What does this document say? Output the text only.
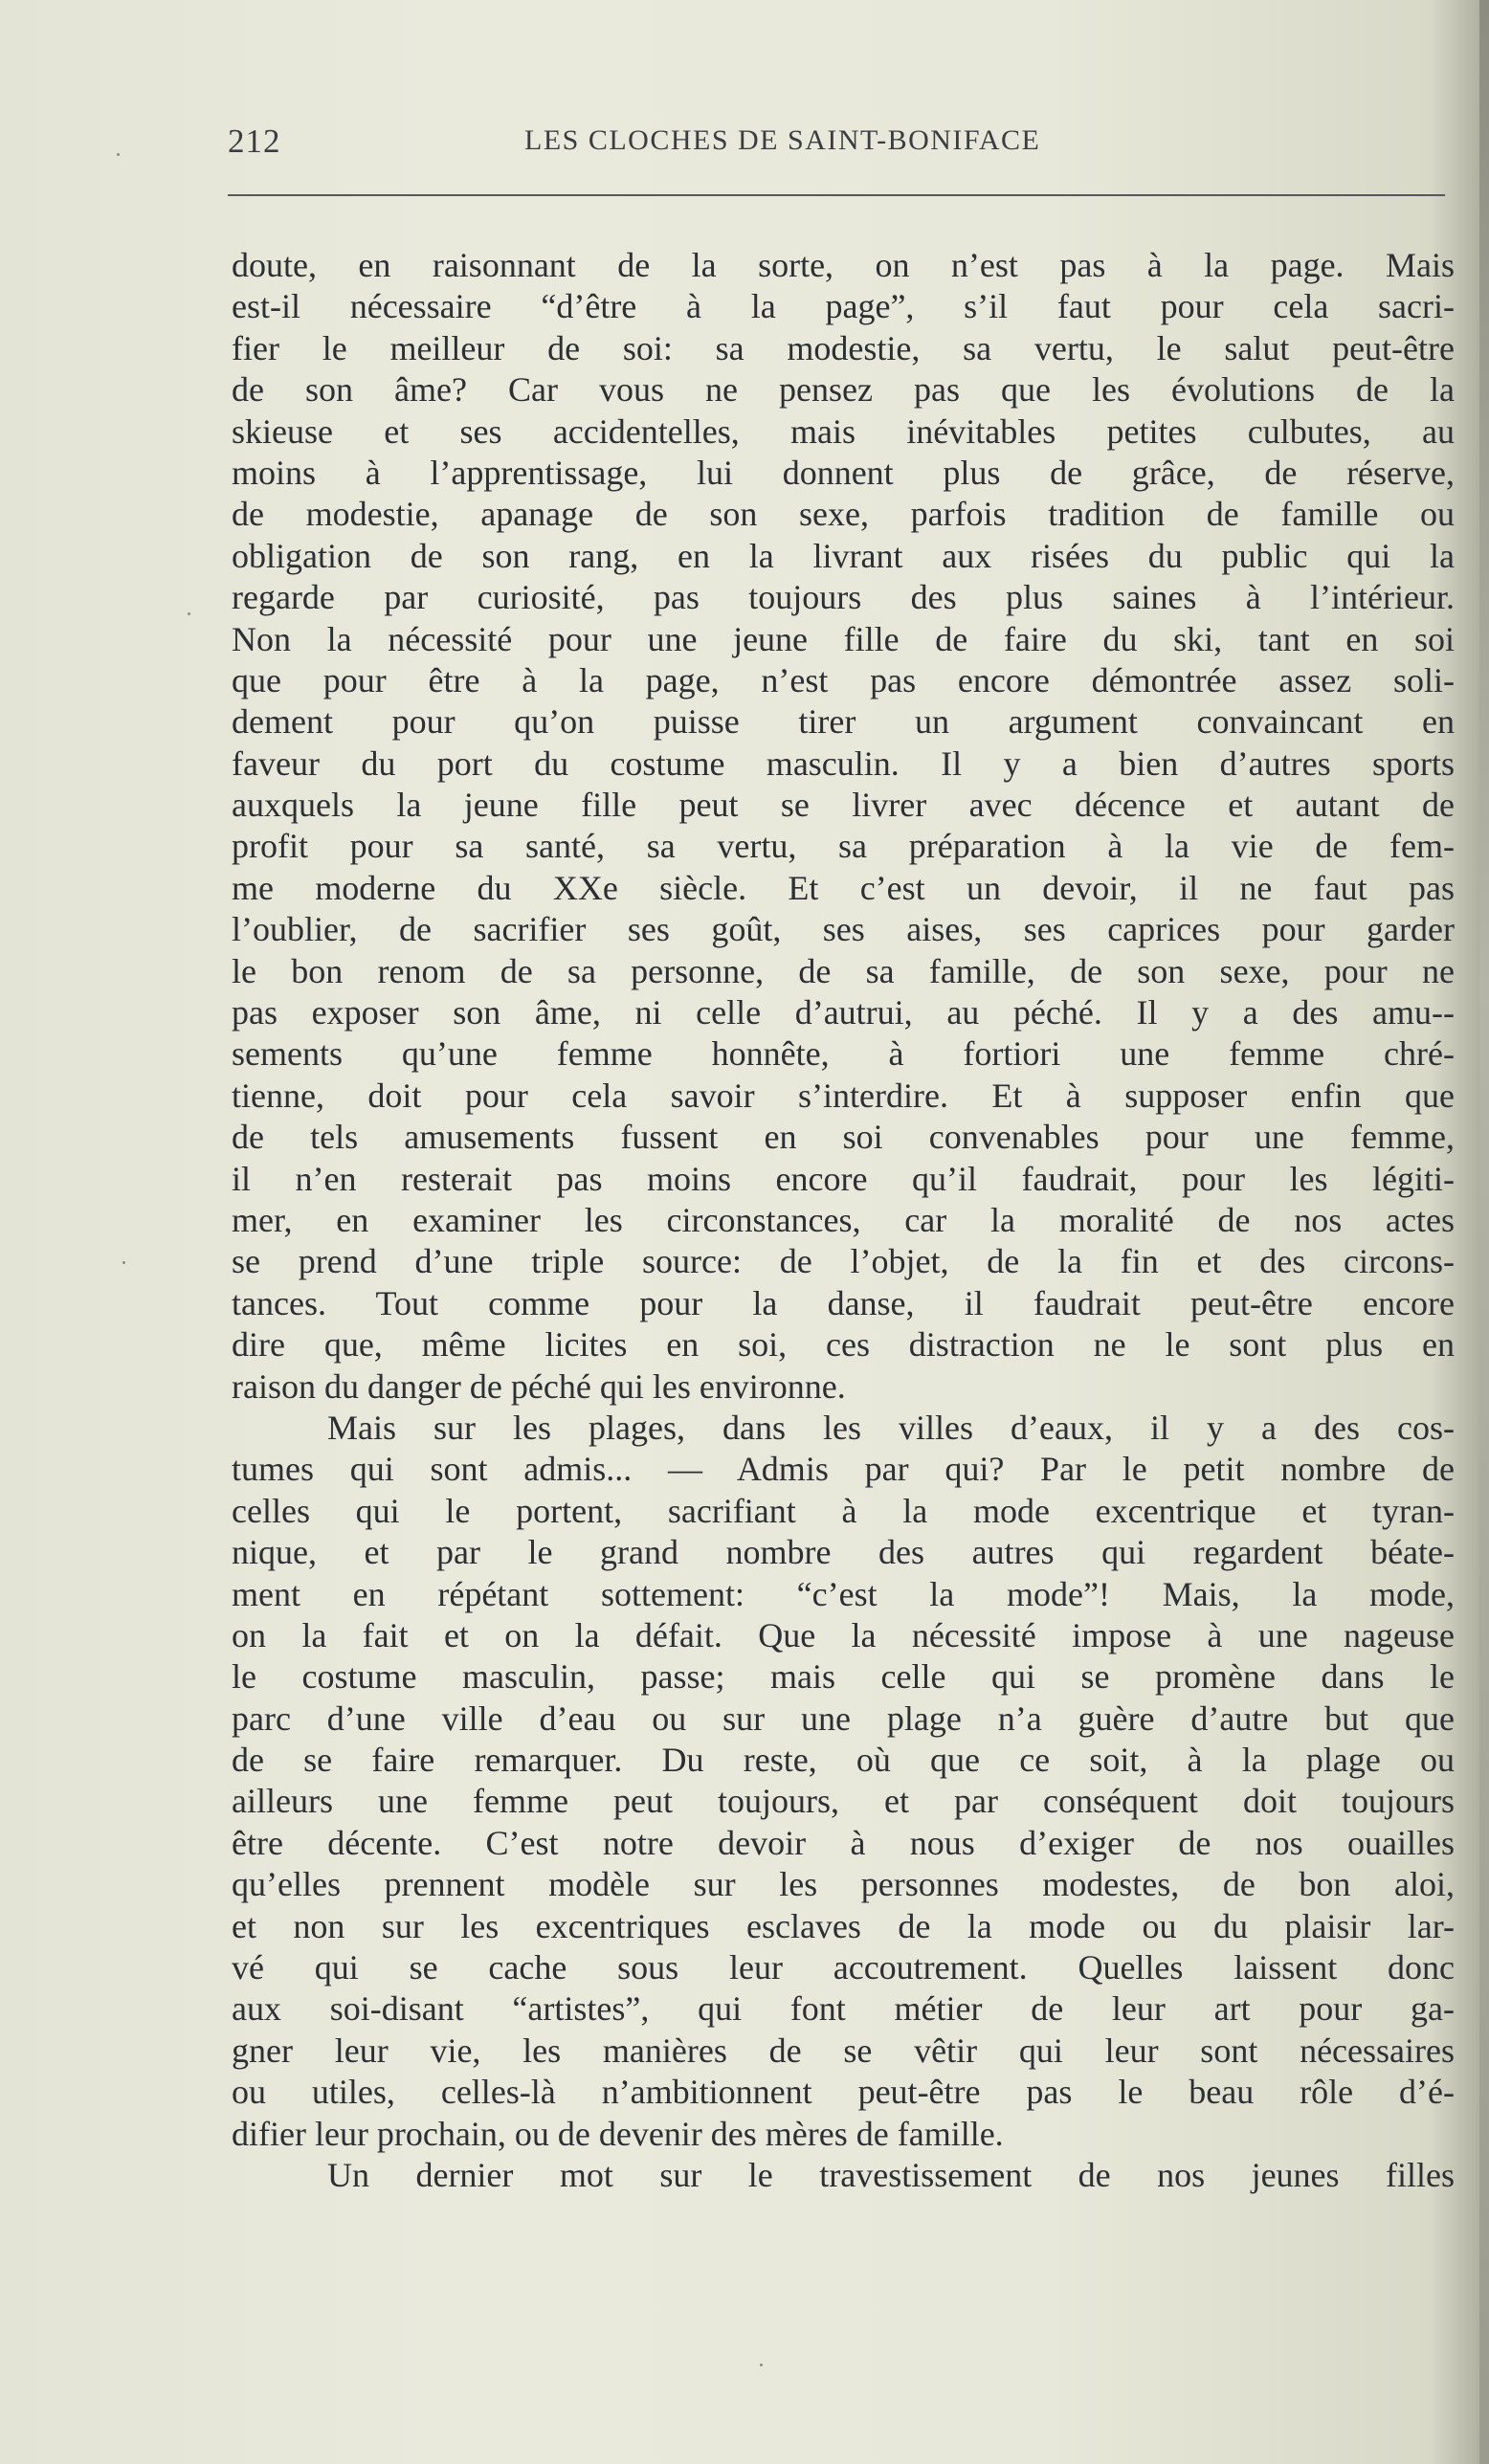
212	LES CLOCHES DE SAINT-BONIFACE
doute, en raisonnant de la sorte, on n’est pas à la page. Mais
est-il nécessaire “d’être à la page”, s’il faut pour cela sacri-
fier le meilleur de soi: sa modestie, sa vertu, le salut peut-être
de son âme? Car vous ne pensez pas que les évolutions de la
skieuse et ses accidentelles, mais inévitables petites culbutes, au
moins à l’apprentissage, lui donnent plus de grâce, de réserve,
de modestie, apanage de son sexe, parfois tradition de famille ou
obligation de son rang, en la livrant aux risées du public qui la
regarde par curiosité, pas toujours des plus saines à l’intérieur.
Non la nécessité pour une jeune fille de faire du ski, tant en soi
que pour être à la page, n’est pas encore démontrée assez soli-
dement pour qu’on puisse tirer un argument convaincant en
faveur du port du costume masculin. Il y a bien d’autres sports
auxquels la jeune fille peut se livrer avec décence et autant de
profit pour sa santé, sa vertu, sa préparation à la vie de fem-
me moderne du XXe siècle. Et c’est un devoir, il ne faut pas
l’oublier, de sacrifier ses goût, ses aises, ses caprices pour garder
le bon renom de sa personne, de sa famille, de son sexe, pour ne
pas exposer son âme, ni celle d’autrui, au péché. Il y a des amu--
sements qu’une femme honnête, à fortiori une femme chré-
tienne, doit pour cela savoir s’interdire. Et à supposer enfin que
de tels amusements fussent en soi convenables pour une femme,
il n’en resterait pas moins encore qu’il faudrait, pour les légiti-
mer, en examiner les circonstances, car la moralité de nos actes
se prend d’une triple source: de l’objet, de la fin et des circons-
tances. Tout comme pour la danse, il faudrait peut-être encore
dire que, même licites en soi, ces distraction ne le sont plus en
raison du danger de péché qui les environne.
Mais sur les plages, dans les villes d’eaux, il y a des cos-
tumes qui sont admis... — Admis par qui? Par le petit nombre de
celles qui le portent, sacrifiant à la mode excentrique et tyran-
nique, et par le grand nombre des autres qui regardent béate-
ment en répétant sottement: “c’est la mode”! Mais, la mode,
on la fait et on la défait. Que la nécessité impose à une nageuse
le costume masculin, passe; mais celle qui se promène dans le
parc d’une ville d’eau ou sur une plage n’a guère d’autre but que
de se faire remarquer. Du reste, où que ce soit, à la plage ou
ailleurs une femme peut toujours, et par conséquent doit toujours
être décente. C’est notre devoir à nous d’exiger de nos ouailles
qu’elles prennent modèle sur les personnes modestes, de bon aloi,
et non sur les excentriques esclaves de la mode ou du plaisir lar-
vé qui se cache sous leur accoutrement. Quelles laissent donc
aux soi-disant “artistes”, qui font métier de leur art pour ga-
gner leur vie, les manières de se vêtir qui leur sont nécessaires
ou utiles, celles-là n’ambitionnent peut-être pas le beau rôle d’é-
difier leur prochain, ou de devenir des mères de famille.
Un dernier mot sur le travestissement de nos jeunes filles
